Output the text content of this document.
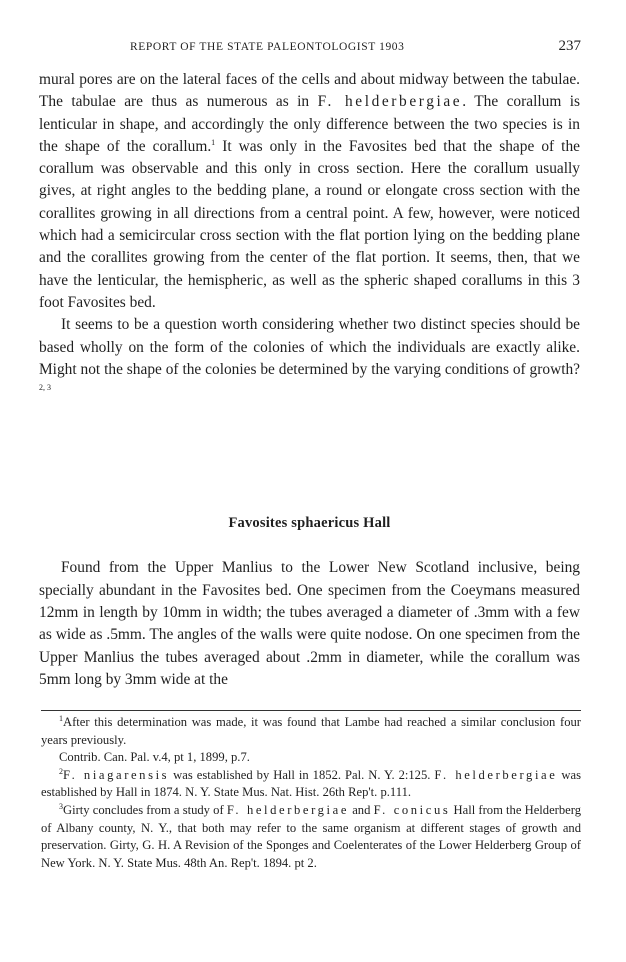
REPORT OF THE STATE PALEONTOLOGIST 1903	237

mural pores are on the lateral faces of the cells and about midway between the tabulae. The tabulae are thus as numerous as in F. helderbergiae. The corallum is lenticular in shape, and accordingly the only difference between the two species is in the shape of the corallum.$^1$ It was only in the Favosites bed that the shape of the corallum was observable and this only in cross section. Here the corallum usually gives, at right angles to the bedding plane, a round or elongate cross section with the corallites growing in all directions from a central point. A few, however, were noticed which had a semicircular cross section with the flat portion lying on the bedding plane and the corallites growing from the center of the flat portion. It seems, then, that we have the lenticular, the hemispheric, as well as the spheric shaped corallums in this 3 foot Favosites bed.

It seems to be a question worth considering whether two distinct species should be based wholly on the form of the colonies of which the individuals are exactly alike. Might not the shape of the colonies be determined by the varying conditions of growth?$^{2, 3}$

Favosites sphaericus Hall

Found from the Upper Manlius to the Lower New Scotland inclusive, being specially abundant in the Favosites bed. One specimen from the Coeymans measured 12mm in length by 10mm in width; the tubes averaged a diameter of .3mm with a few as wide as .5mm. The angles of the walls were quite nodose. On one specimen from the Upper Manlius the tubes averaged about .2mm in diameter, while the corallum was 5mm long by 3mm wide at the

$^1$After this determination was made, it was found that Lambe had reached a similar conclusion four years previously.

Contrib. Can. Pal. v.4, pt 1, 1899, p.7.

$^2$F. niagarensis was established by Hall in 1852. Pal. N. Y. 2:125. F. helderbergiae was established by Hall in 1874. N. Y. State Mus. Nat. Hist. 26th Rep't. p.111.

$^3$Girty concludes from a study of F. helderbergiae and F. conicus Hall from the Helderberg of Albany county, N. Y., that both may refer to the same organism at different stages of growth and preservation. Girty, G. H. A Revision of the Sponges and Coelenterates of the Lower Helderberg Group of New York. N. Y. State Mus. 48th An. Rep't. 1894. pt 2.
